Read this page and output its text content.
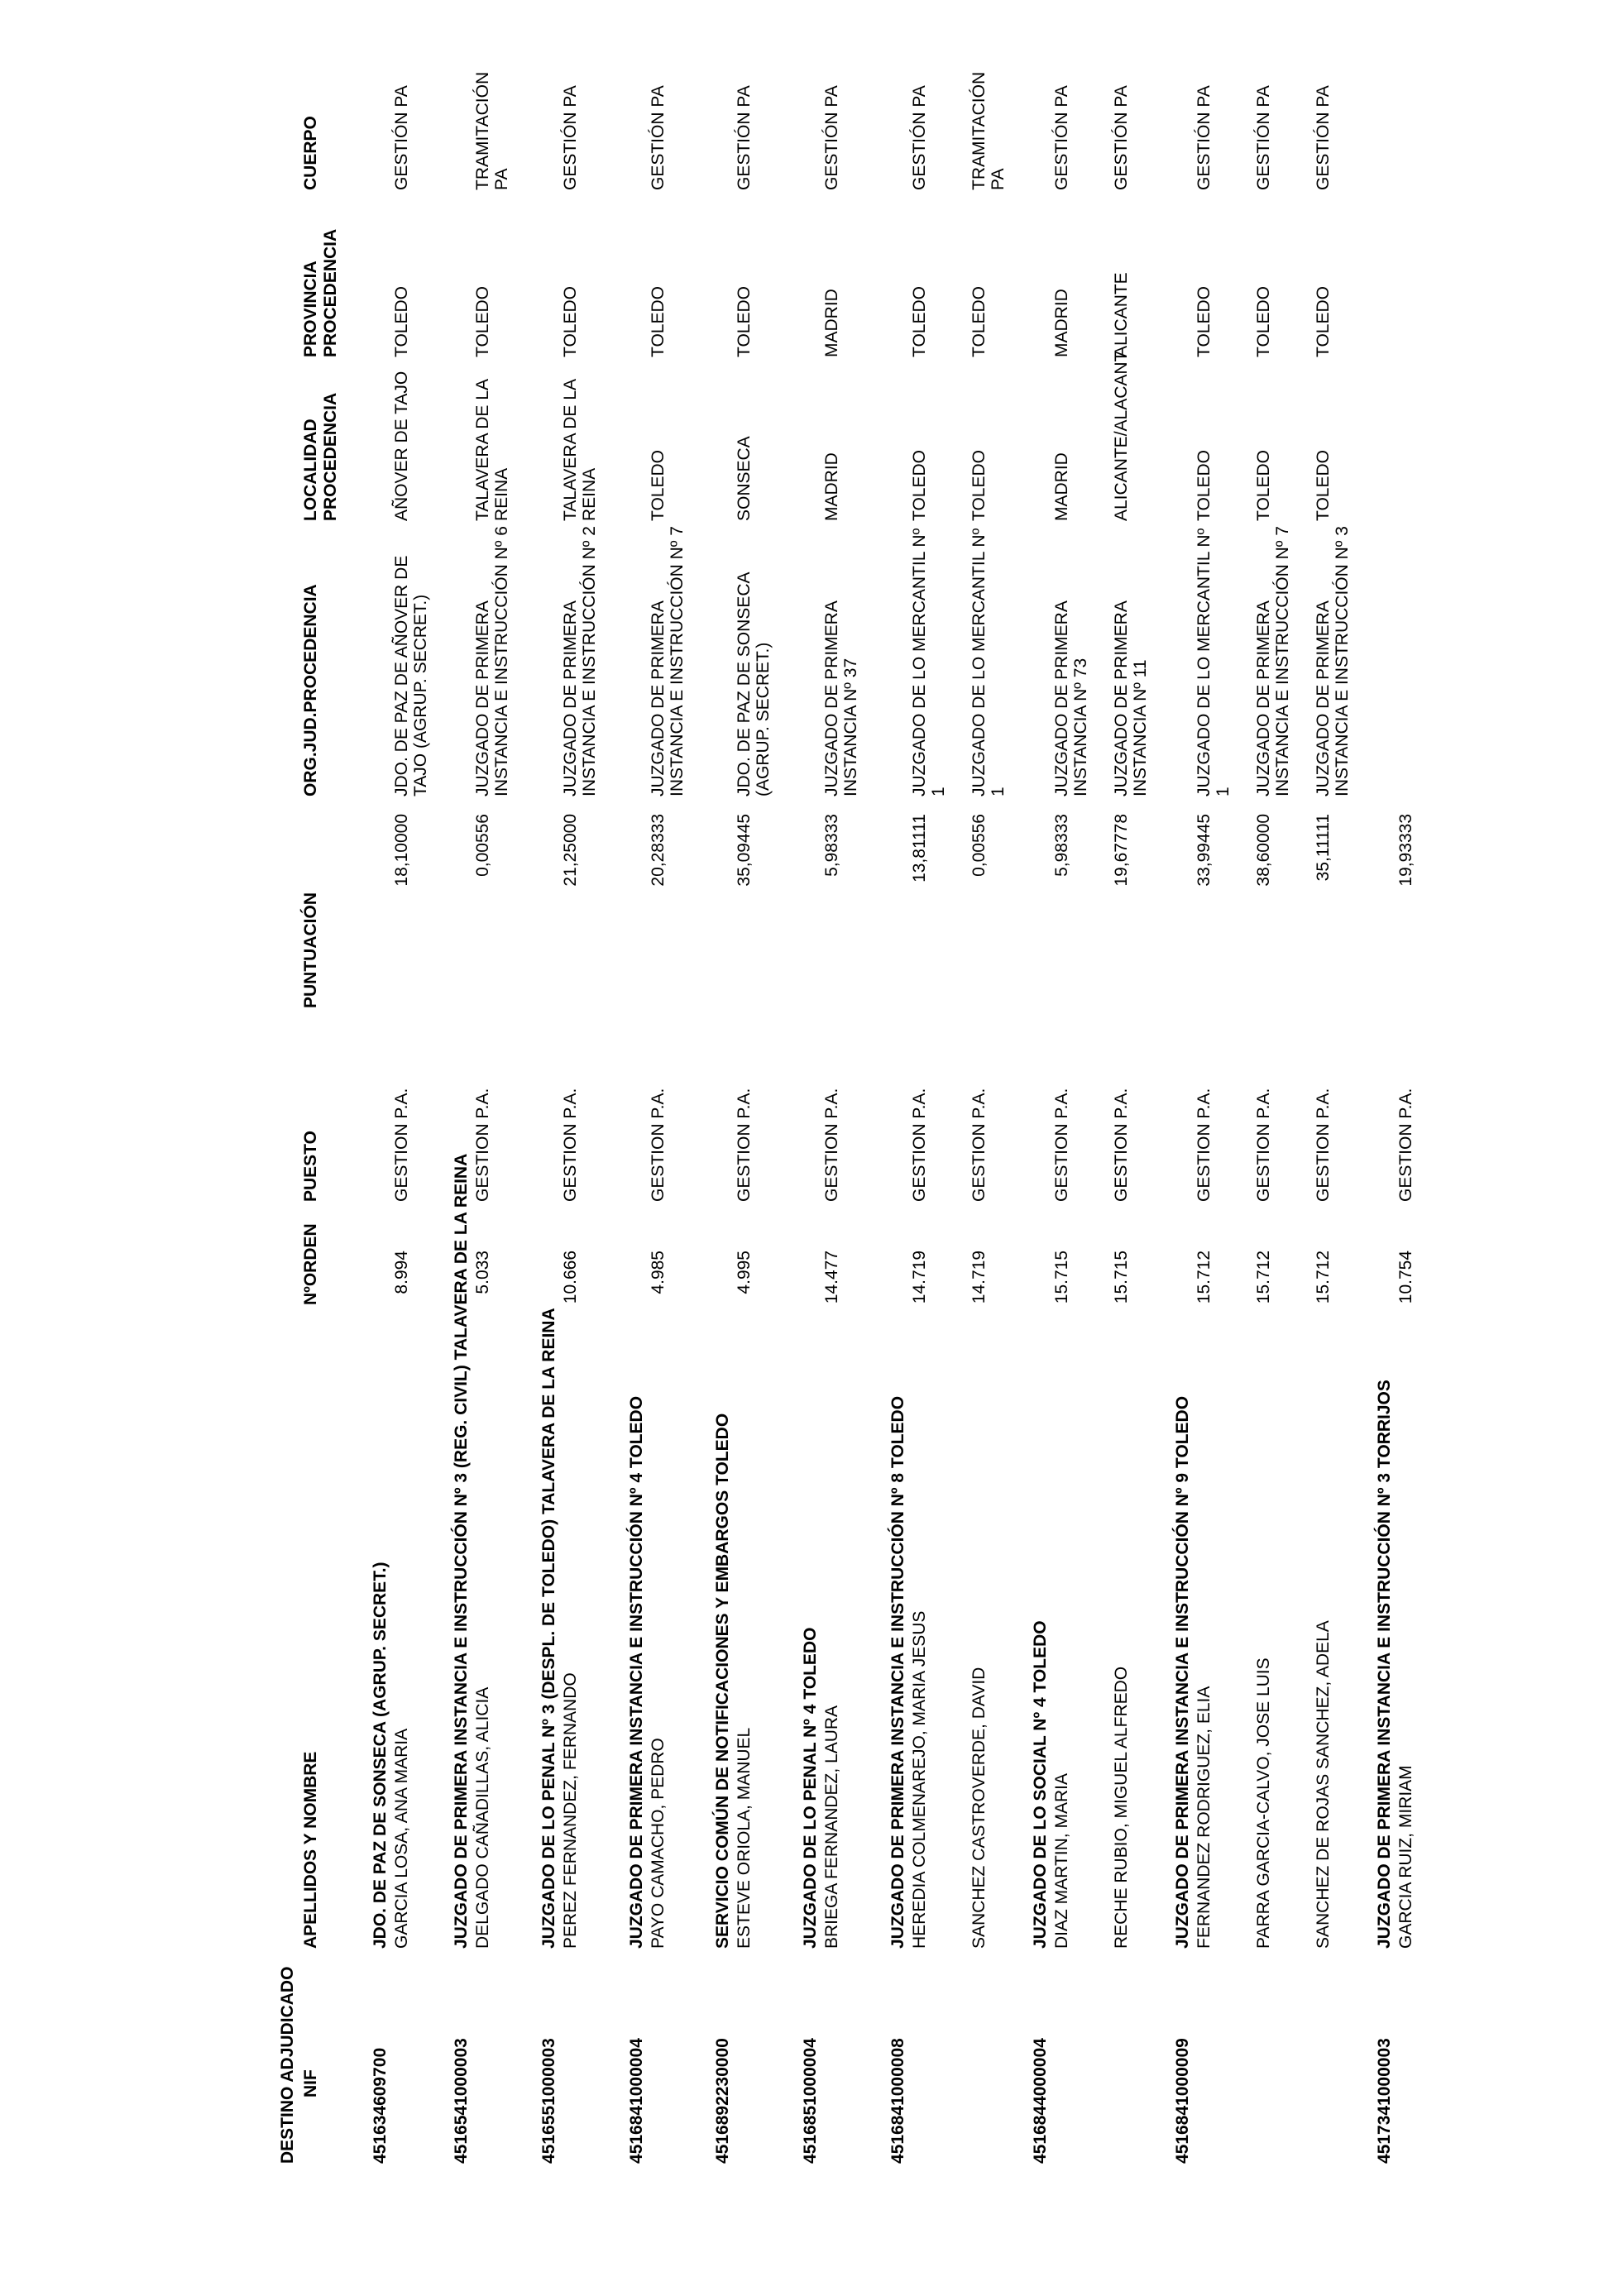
DESTINO ADJUDICADO NIF
APELLIDOS Y NOMBRE
NºORDEN
PUESTO
PUNTUACIÓN
ORG.JUD.PROCEDENCIA
LOCALIDAD PROCEDENCIA
PROVINCIA PROCEDENCIA
CUERPO
451634609700
JDO. DE PAZ DE SONSECA (AGRUP. SECRET.) GARCIA LOSA, ANA MARIA
8.994
GESTION P.A.
18,10000
JDO. DE PAZ DE AÑOVER DE TAJO (AGRUP. SECRET.)
AÑOVER DE TAJO
TOLEDO
GESTIÓN PA
4516541000003
JUZGADO DE PRIMERA INSTANCIA E INSTRUCCIÓN Nº 3 (REG. CIVIL) TALAVERA DE LA REINA DELGADO CAÑADILLAS, ALICIA
5.033
GESTION P.A.
0,00556
JUZGADO DE PRIMERA INSTANCIA E INSTRUCCIÓN Nº 6
TALAVERA DE LA REINA
TOLEDO
TRAMITACIÓN PA
4516551000003
JUZGADO DE LO PENAL Nº 3 (DESPL. DE TOLEDO) TALAVERA DE LA REINA PEREZ FERNANDEZ, FERNANDO
10.666
GESTION P.A.
21,25000
JUZGADO DE PRIMERA INSTANCIA E INSTRUCCIÓN Nº 2
TALAVERA DE LA REINA
TOLEDO
GESTIÓN PA
4516841000004
JUZGADO DE PRIMERA INSTANCIA E INSTRUCCIÓN Nº 4 TOLEDO PAYO CAMACHO, PEDRO
4.985
GESTION P.A.
20,28333
JUZGADO DE PRIMERA INSTANCIA E INSTRUCCIÓN Nº 7
TOLEDO
TOLEDO
GESTIÓN PA
4516892230000
SERVICIO COMÚN DE NOTIFICACIONES Y EMBARGOS TOLEDO ESTEVE ORIOLA, MANUEL
4.995
GESTION P.A.
35,09445
JDO. DE PAZ DE SONSECA (AGRUP. SECRET.)
SONSECA
TOLEDO
GESTIÓN PA
4516851000004
JUZGADO DE LO PENAL Nº 4 TOLEDO BRIEGA FERNANDEZ, LAURA
14.477
GESTION P.A.
5,98333
JUZGADO DE PRIMERA INSTANCIA Nº 37
MADRID
MADRID
GESTIÓN PA
4516841000008
JUZGADO DE PRIMERA INSTANCIA E INSTRUCCIÓN Nº 8 TOLEDO HEREDIA COLMENAREJO, MARIA JESUS
14.719
GESTION P.A.
13,81111
JUZGADO DE LO MERCANTIL Nº 1
TOLEDO
TOLEDO
GESTIÓN PA
SANCHEZ CASTROVERDE, DAVID
14.719
GESTION P.A.
0,00556
JUZGADO DE LO MERCANTIL Nº 1
TOLEDO
TOLEDO
TRAMITACIÓN PA
4516844000004
JUZGADO DE LO SOCIAL Nº 4 TOLEDO DIAZ MARTIN, MARIA
15.715
GESTION P.A.
5,98333
JUZGADO DE PRIMERA INSTANCIA Nº 73
MADRID
MADRID
GESTIÓN PA
RECHE RUBIO, MIGUEL ALFREDO
15.715
GESTION P.A.
19,67778
JUZGADO DE PRIMERA INSTANCIA Nº 11
ALICANTE/ALACANT
ALICANTE
GESTIÓN PA
4516841000009
JUZGADO DE PRIMERA INSTANCIA E INSTRUCCIÓN Nº 9 TOLEDO FERNANDEZ RODRIGUEZ, ELIA
15.712
GESTION P.A.
33,99445
JUZGADO DE LO MERCANTIL Nº 1
TOLEDO
TOLEDO
GESTIÓN PA
PARRA GARCIA-CALVO, JOSE LUIS
15.712
GESTION P.A.
38,60000
JUZGADO DE PRIMERA INSTANCIA E INSTRUCCIÓN Nº 7
TOLEDO
TOLEDO
GESTIÓN PA
SANCHEZ DE ROJAS SANCHEZ, ADELA
15.712
GESTION P.A.
35,11111
JUZGADO DE PRIMERA INSTANCIA E INSTRUCCIÓN Nº 3
TOLEDO
TOLEDO
GESTIÓN PA
4517341000003
JUZGADO DE PRIMERA INSTANCIA E INSTRUCCIÓN Nº 3 TORRIJOS GARCIA RUIZ, MIRIAM
10.754
GESTION P.A.
19,93333
